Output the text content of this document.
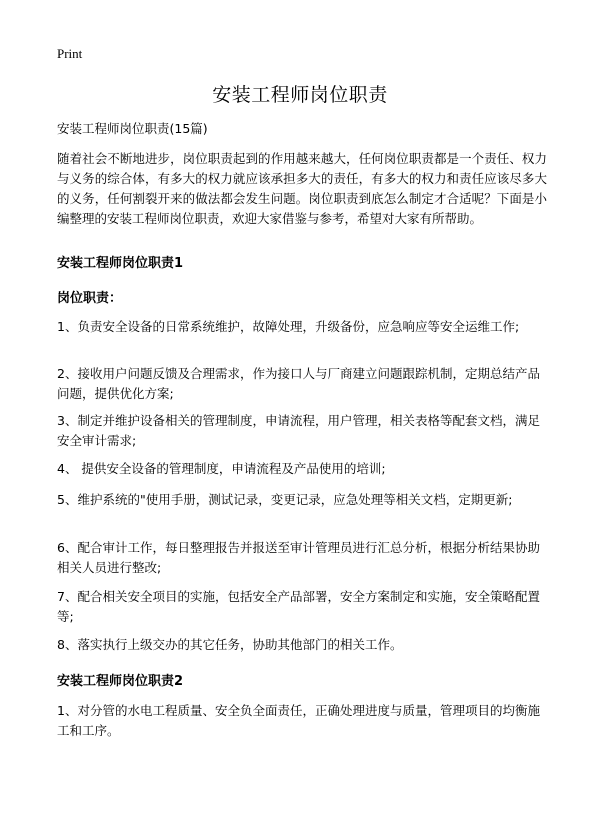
Print
安装工程师岗位职责
安装工程师岗位职责(15篇)

随着社会不断地进步，岗位职责起到的作用越来越大，任何岗位职责都是一个责任、权力与义务的综合体，有多大的权力就应该承担多大的责任，有多大的权力和责任应该尽多大的义务，任何割裂开来的做法都会发生问题。岗位职责到底怎么制定才合适呢？下面是小编整理的安装工程师岗位职责，欢迎大家借鉴与参考，希望对大家有所帮助。

安装工程师岗位职责1
岗位职责：

1、负责安全设备的日常系统维护，故障处理，升级备份，应急响应等安全运维工作;

2、接收用户问题反馈及合理需求，作为接口人与厂商建立问题跟踪机制，定期总结产品问题，提供优化方案;

3、制定并维护设备相关的管理制度，申请流程，用户管理，相关表格等配套文档，满足安全审计需求;

4、 提供安全设备的管理制度，申请流程及产品使用的培训;

5、维护系统的"使用手册，测试记录，变更记录，应急处理等相关文档，定期更新;

6、配合审计工作，每日整理报告并报送至审计管理员进行汇总分析，根据分析结果协助相关人员进行整改;

7、配合相关安全项目的实施，包括安全产品部署，安全方案制定和实施，安全策略配置等;

8、落实执行上级交办的其它任务，协助其他部门的相关工作。

安装工程师岗位职责2

1、对分管的水电工程质量、安全负全面责任，正确处理进度与质量，管理项目的均衡施工和工序。
